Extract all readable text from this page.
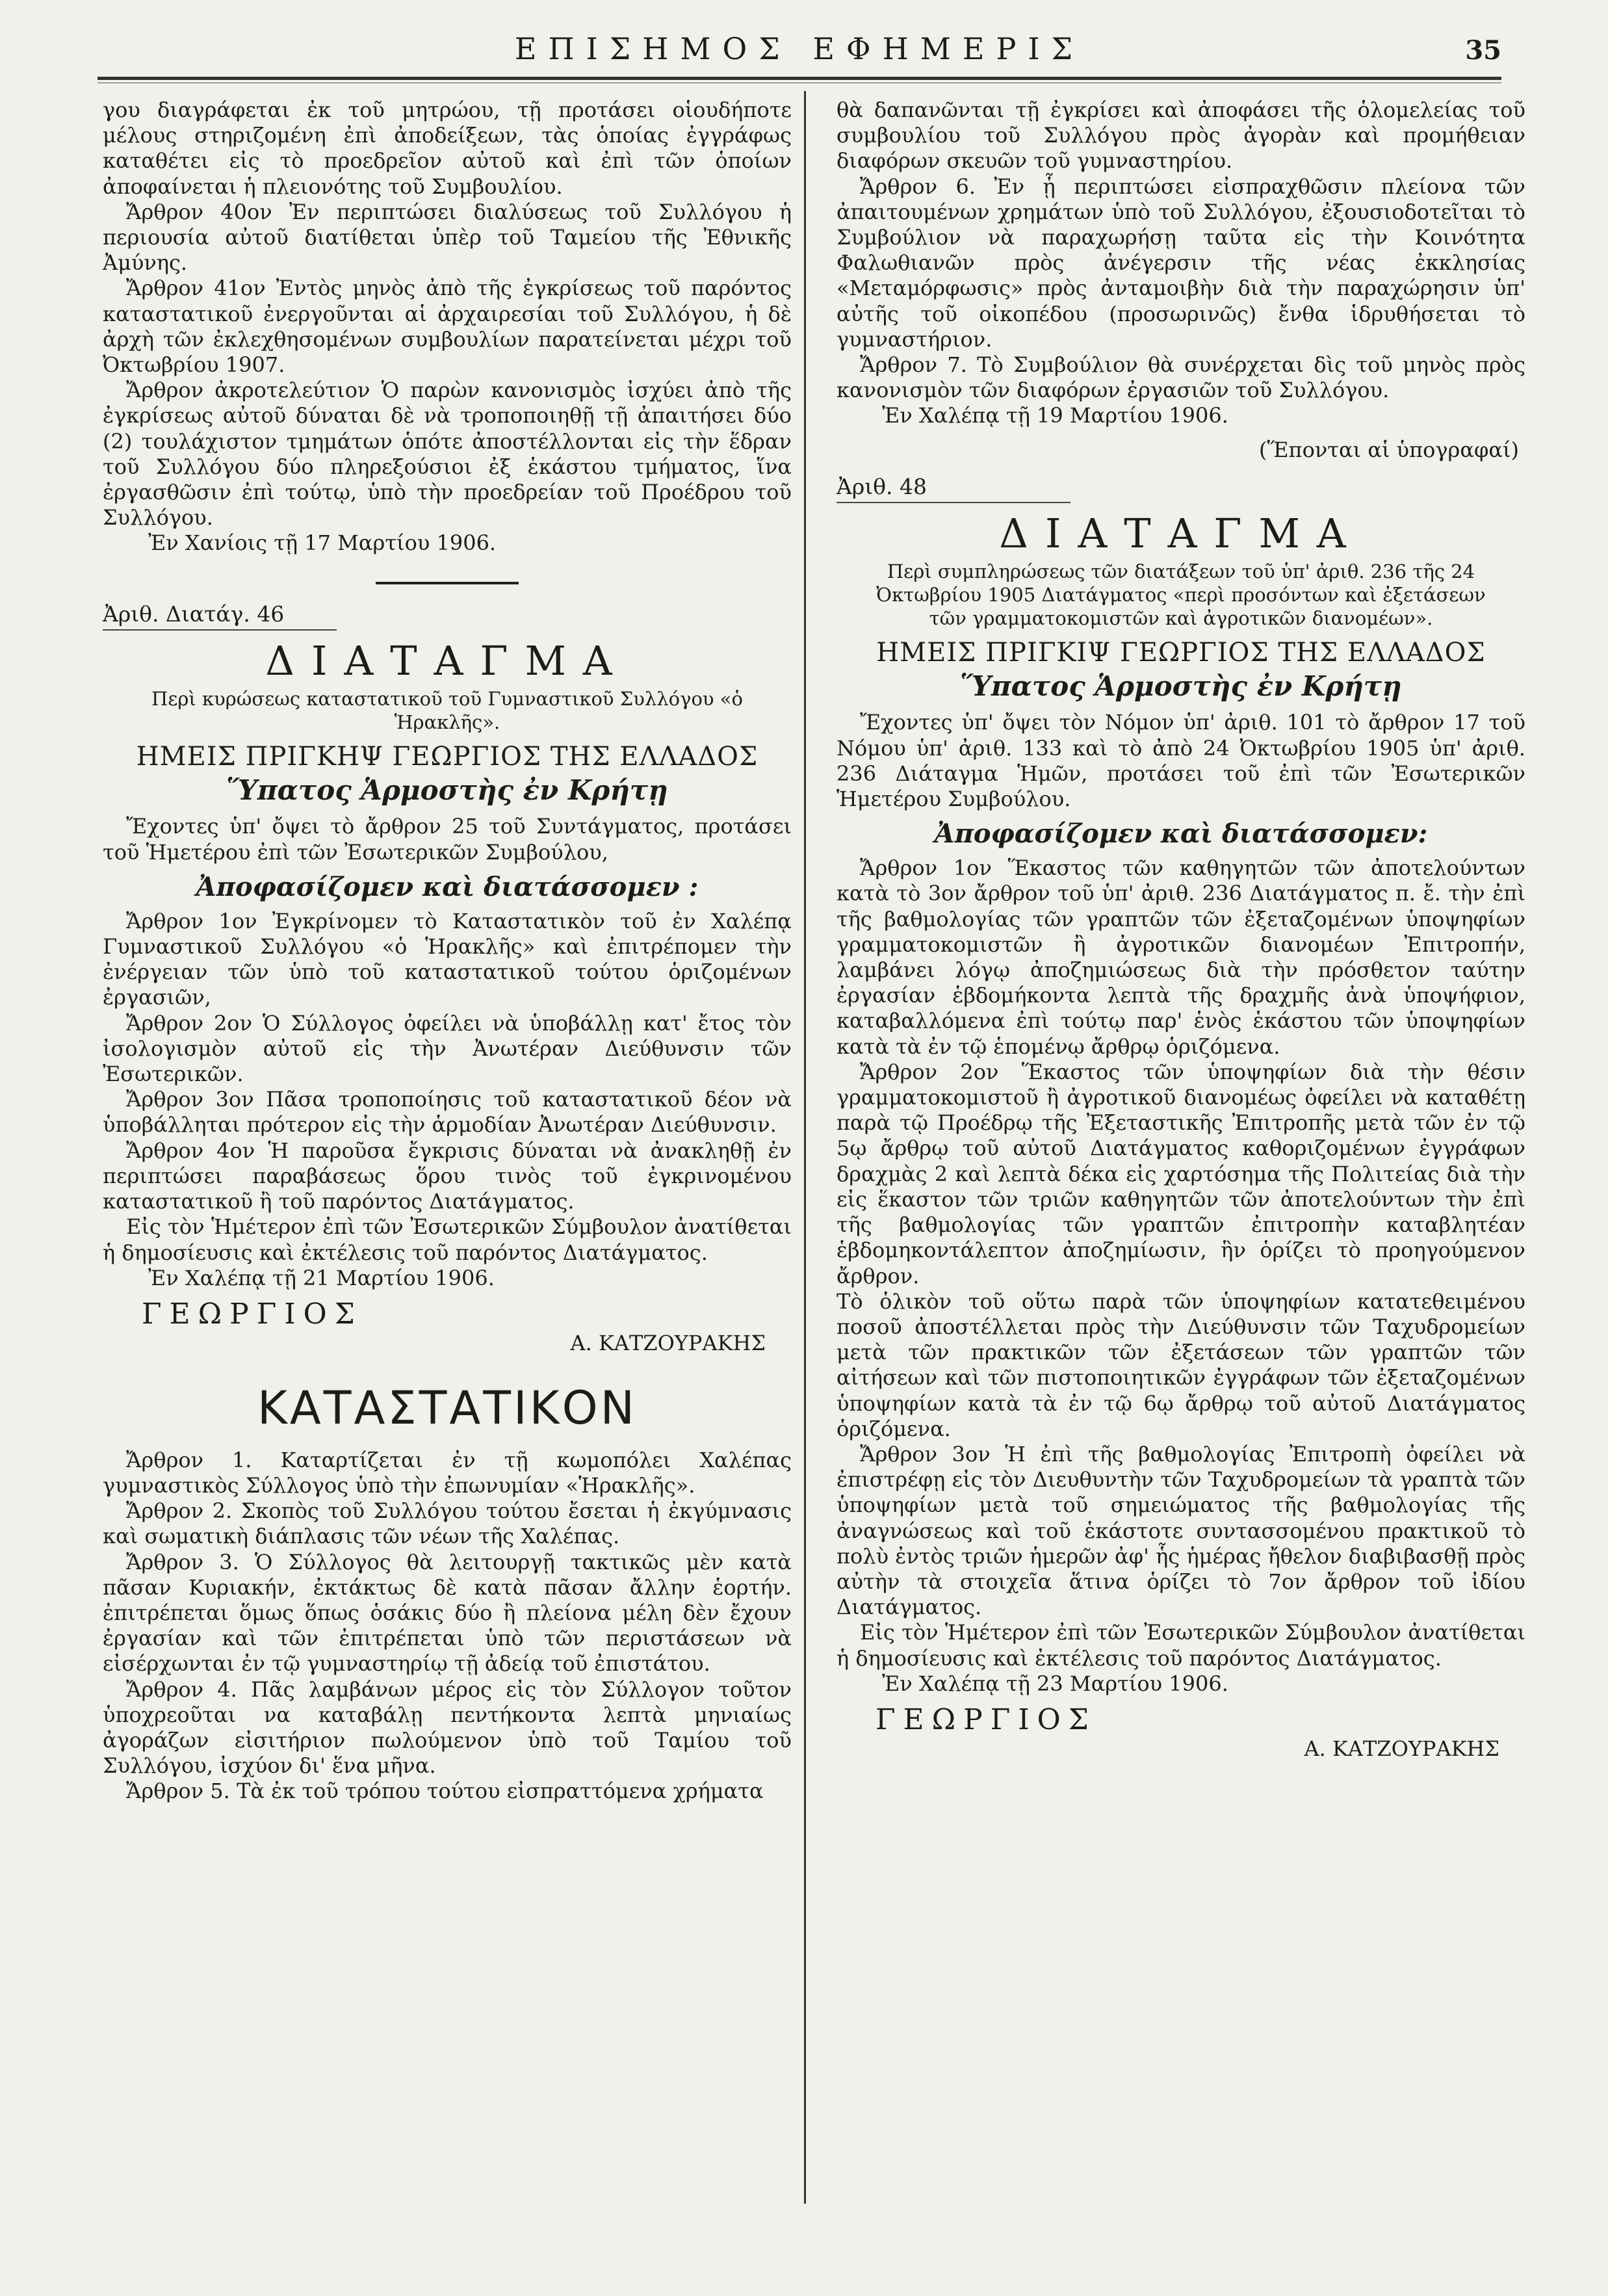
ΕΠΙΣΗΜΟΣ ΕΦΗΜΕΡΙΣ	35

γου διαγράφεται ἐκ τοῦ μητρώου, τῇ προτάσει οἱουδήποτε μέλους στηριζομένη ἐπὶ ἀποδείξεων, τὰς ὁποίας ἐγγράφως καταθέτει εἰς τὸ προεδρεῖον αὐτοῦ καὶ ἐπὶ τῶν ὁποίων ἀποφαίνεται ἡ πλειονότης τοῦ Συμβουλίου.

Ἄρθρον 40ον Ἐν περιπτώσει διαλύσεως τοῦ Συλλόγου ἡ περιουσία αὐτοῦ διατίθεται ὑπὲρ τοῦ Ταμείου τῆς Ἐθνικῆς Ἀμύνης.

Ἄρθρον 41ον Ἐντὸς μηνὸς ἀπὸ τῆς ἐγκρίσεως τοῦ παρόντος καταστατικοῦ ἐνεργοῦνται αἱ ἀρχαιρεσίαι τοῦ Συλλόγου, ἡ δὲ ἀρχὴ τῶν ἐκλεχθησομένων συμβουλίων παρατείνεται μέχρι τοῦ Ὀκτωβρίου 1907.

Ἄρθρον ἀκροτελεύτιον Ὁ παρὼν κανονισμὸς ἰσχύει ἀπὸ τῆς ἐγκρίσεως αὐτοῦ δύναται δὲ νὰ τροποποιηθῇ τῇ ἀπαιτήσει δύο (2) τουλάχιστον τμημάτων ὁπότε ἀποστέλλονται εἰς τὴν ἕδραν τοῦ Συλλόγου δύο πληρεξούσιοι ἐξ ἑκάστου τμήματος, ἵνα ἐργασθῶσιν ἐπὶ τούτῳ, ὑπὸ τὴν προεδρείαν τοῦ Προέδρου τοῦ Συλλόγου.

Ἐν Χανίοις τῇ 17 Μαρτίου 1906.

Ἀριθ. Διατάγ. 46
ΔΙΑΤΑΓΜΑ
Περὶ κυρώσεως καταστατικοῦ τοῦ Γυμναστικοῦ Συλλόγου «ὁ Ἡρακλῆς».
ΗΜΕΙΣ ΠΡΙΓΚΗΨ ΓΕΩΡΓΙΟΣ ΤΗΣ ΕΛΛΑΔΟΣ
Ὕπατος Ἁρμοστὴς ἐν Κρήτῃ

Ἔχοντες ὑπ' ὄψει τὸ ἄρθρον 25 τοῦ Συντάγματος, προτάσει τοῦ Ἡμετέρου ἐπὶ τῶν Ἐσωτερικῶν Συμβούλου,

Ἀποφασίζομεν καὶ διατάσσομεν :

Ἄρθρον 1ον Ἐγκρίνομεν τὸ Καταστατικὸν τοῦ ἐν Χαλέπᾳ Γυμναστικοῦ Συλλόγου «ὁ Ἡρακλῆς» καὶ ἐπιτρέπομεν τὴν ἐνέργειαν τῶν ὑπὸ τοῦ καταστατικοῦ τούτου ὁριζομένων ἐργασιῶν,

Ἄρθρον 2ον Ὁ Σύλλογος ὀφείλει νὰ ὑποβάλλῃ κατ' ἔτος τὸν ἰσολογισμὸν αὐτοῦ εἰς τὴν Ἀνωτέραν Διεύθυνσιν τῶν Ἐσωτερικῶν.

Ἄρθρον 3ον Πᾶσα τροποποίησις τοῦ καταστατικοῦ δέον νὰ ὑποβάλληται πρότερον εἰς τὴν ἁρμοδίαν Ἀνωτέραν Διεύθυνσιν.

Ἄρθρον 4ον Ἡ παροῦσα ἔγκρισις δύναται νὰ ἀνακληθῇ ἐν περιπτώσει παραβάσεως ὅρου τινὸς τοῦ ἐγκρινομένου καταστατικοῦ ἢ τοῦ παρόντος Διατάγματος.

Εἰς τὸν Ἡμέτερον ἐπὶ τῶν Ἐσωτερικῶν Σύμβουλον ἀνατίθεται ἡ δημοσίευσις καὶ ἐκτέλεσις τοῦ παρόντος Διατάγματος.

Ἐν Χαλέπᾳ τῇ 21 Μαρτίου 1906.

ΓΕΩΡΓΙΟΣ
Α. ΚΑΤΖΟΥΡΑΚΗΣ
ΚΑΤΑΣΤΑΤΙΚΟΝ

Ἄρθρον 1. Καταρτίζεται ἐν τῇ κωμοπόλει Χαλέπας γυμναστικὸς Σύλλογος ὑπὸ τὴν ἐπωνυμίαν «Ἡρακλῆς».

Ἄρθρον 2. Σκοπὸς τοῦ Συλλόγου τούτου ἔσεται ἡ ἐκγύμνασις καὶ σωματικὴ διάπλασις τῶν νέων τῆς Χαλέπας.

Ἄρθρον 3. Ὁ Σύλλογος θὰ λειτουργῇ τακτικῶς μὲν κατὰ πᾶσαν Κυριακήν, ἐκτάκτως δὲ κατὰ πᾶσαν ἄλλην ἑορτήν. ἐπιτρέπεται ὅμως ὅπως ὁσάκις δύο ἢ πλείονα μέλη δὲν ἔχουν ἐργασίαν καὶ τῶν ἐπιτρέπεται ὑπὸ τῶν περιστάσεων νὰ εἰσέρχωνται ἐν τῷ γυμναστηρίῳ τῇ ἀδείᾳ τοῦ ἐπιστάτου.

Ἄρθρον 4. Πᾶς λαμβάνων μέρος εἰς τὸν Σύλλογον τοῦτον ὑποχρεοῦται να καταβάλῃ πεντήκοντα λεπτὰ μηνιαίως ἀγοράζων εἰσιτήριον πωλούμενον ὑπὸ τοῦ Ταμίου τοῦ Συλλόγου, ἰσχύον δι' ἕνα μῆνα.

Ἄρθρον 5. Τὰ ἐκ τοῦ τρόπου τούτου εἰσπραττόμενα χρήματα

θὰ δαπανῶνται τῇ ἐγκρίσει καὶ ἀποφάσει τῆς ὁλομελείας τοῦ συμβουλίου τοῦ Συλλόγου πρὸς ἀγορὰν καὶ προμήθειαν διαφόρων σκευῶν τοῦ γυμναστηρίου.

Ἄρθρον 6. Ἐν ᾗ περιπτώσει εἰσπραχθῶσιν πλείονα τῶν ἀπαιτουμένων χρημάτων ὑπὸ τοῦ Συλλόγου, ἐξουσιοδοτεῖται τὸ Συμβούλιον νὰ παραχωρήσῃ ταῦτα εἰς τὴν Κοινότητα Φαλωθιανῶν πρὸς ἀνέγερσιν τῆς νέας ἐκκλησίας «Μεταμόρφωσις» πρὸς ἀνταμοιβὴν διὰ τὴν παραχώρησιν ὑπ' αὐτῆς τοῦ οἰκοπέδου (προσωρινῶς) ἔνθα ἱδρυθήσεται τὸ γυμναστήριον.

Ἄρθρον 7. Τὸ Συμβούλιον θὰ συνέρχεται δὶς τοῦ μηνὸς πρὸς κανονισμὸν τῶν διαφόρων ἐργασιῶν τοῦ Συλλόγου.

Ἐν Χαλέπᾳ τῇ 19 Μαρτίου 1906.

(Ἕπονται αἱ ὑπογραφαί)
Ἀριθ. 48
ΔΙΑΤΑΓΜΑ
Περὶ συμπληρώσεως τῶν διατάξεων τοῦ ὑπ' ἀριθ. 236 τῆς 24 Ὀκτωβρίου 1905 Διατάγματος «περὶ προσόντων καὶ ἐξετάσεων τῶν γραμματοκομιστῶν καὶ ἀγροτικῶν διανομέων».
ΗΜΕΙΣ ΠΡΙΓΚΙΨ ΓΕΩΡΓΙΟΣ ΤΗΣ ΕΛΛΑΔΟΣ
Ὕπατος Ἁρμοστὴς ἐν Κρήτῃ

Ἔχοντες ὑπ' ὄψει τὸν Νόμον ὑπ' ἀριθ. 101 τὸ ἄρθρον 17 τοῦ Νόμου ὑπ' ἀριθ. 133 καὶ τὸ ἀπὸ 24 Ὀκτωβρίου 1905 ὑπ' ἀριθ. 236 Διάταγμα Ἡμῶν, προτάσει τοῦ ἐπὶ τῶν Ἐσωτερικῶν Ἡμετέρου Συμβούλου.

Ἀποφασίζομεν καὶ διατάσσομεν:

Ἄρθρον 1ον Ἕκαστος τῶν καθηγητῶν τῶν ἀποτελούντων κατὰ τὸ 3ον ἄρθρον τοῦ ὑπ' ἀριθ. 236 Διατάγματος π. ἔ. τὴν ἐπὶ τῆς βαθμολογίας τῶν γραπτῶν τῶν ἐξεταζομένων ὑποψηφίων γραμματοκομιστῶν ἢ ἀγροτικῶν διανομέων Ἐπιτροπήν, λαμβάνει λόγῳ ἀποζημιώσεως διὰ τὴν πρόσθετον ταύτην ἐργασίαν ἑβδομήκοντα λεπτὰ τῆς δραχμῆς ἀνὰ ὑποψήφιον, καταβαλλόμενα ἐπὶ τούτῳ παρ' ἑνὸς ἑκάστου τῶν ὑποψηφίων κατὰ τὰ ἐν τῷ ἑπομένῳ ἄρθρῳ ὁριζόμενα.

Ἄρθρον 2ον Ἕκαστος τῶν ὑποψηφίων διὰ τὴν θέσιν γραμματοκομιστοῦ ἢ ἀγροτικοῦ διανομέως ὀφείλει νὰ καταθέτῃ παρὰ τῷ Προέδρῳ τῆς Ἐξεταστικῆς Ἐπιτροπῆς μετὰ τῶν ἐν τῷ 5ῳ ἄρθρῳ τοῦ αὐτοῦ Διατάγματος καθοριζομένων ἐγγράφων δραχμὰς 2 καὶ λεπτὰ δέκα εἰς χαρτόσημα τῆς Πολιτείας διὰ τὴν εἰς ἕκαστον τῶν τριῶν καθηγητῶν τῶν ἀποτελούντων τὴν ἐπὶ τῆς βαθμολογίας τῶν γραπτῶν ἐπιτροπὴν καταβλητέαν ἑβδομηκοντάλεπτον ἀποζημίωσιν, ἣν ὁρίζει τὸ προηγούμενον ἄρθρον.

Τὸ ὁλικὸν τοῦ οὕτω παρὰ τῶν ὑποψηφίων κατατεθειμένου ποσοῦ ἀποστέλλεται πρὸς τὴν Διεύθυνσιν τῶν Ταχυδρομείων μετὰ τῶν πρακτικῶν τῶν ἐξετάσεων τῶν γραπτῶν τῶν αἰτήσεων καὶ τῶν πιστοποιητικῶν ἐγγράφων τῶν ἐξεταζομένων ὑποψηφίων κατὰ τὰ ἐν τῷ 6ῳ ἄρθρῳ τοῦ αὐτοῦ Διατάγματος ὁριζόμενα.

Ἄρθρον 3ον Ἡ ἐπὶ τῆς βαθμολογίας Ἐπιτροπὴ ὀφείλει νὰ ἐπιστρέφῃ εἰς τὸν Διευθυντὴν τῶν Ταχυδρομείων τὰ γραπτὰ τῶν ὑποψηφίων μετὰ τοῦ σημειώματος τῆς βαθμολογίας τῆς ἀναγνώσεως καὶ τοῦ ἑκάστοτε συντασσομένου πρακτικοῦ τὸ πολὺ ἐντὸς τριῶν ἡμερῶν ἀφ' ἧς ἡμέρας ἤθελον διαβιβασθῇ πρὸς αὐτὴν τὰ στοιχεῖα ἅτινα ὁρίζει τὸ 7ον ἄρθρον τοῦ ἰδίου Διατάγματος.

Εἰς τὸν Ἡμέτερον ἐπὶ τῶν Ἐσωτερικῶν Σύμβουλον ἀνατίθεται ἡ δημοσίευσις καὶ ἐκτέλεσις τοῦ παρόντος Διατάγματος.

Ἐν Χαλέπᾳ τῇ 23 Μαρτίου 1906.

ΓΕΩΡΓΙΟΣ
Α. ΚΑΤΖΟΥΡΑΚΗΣ
